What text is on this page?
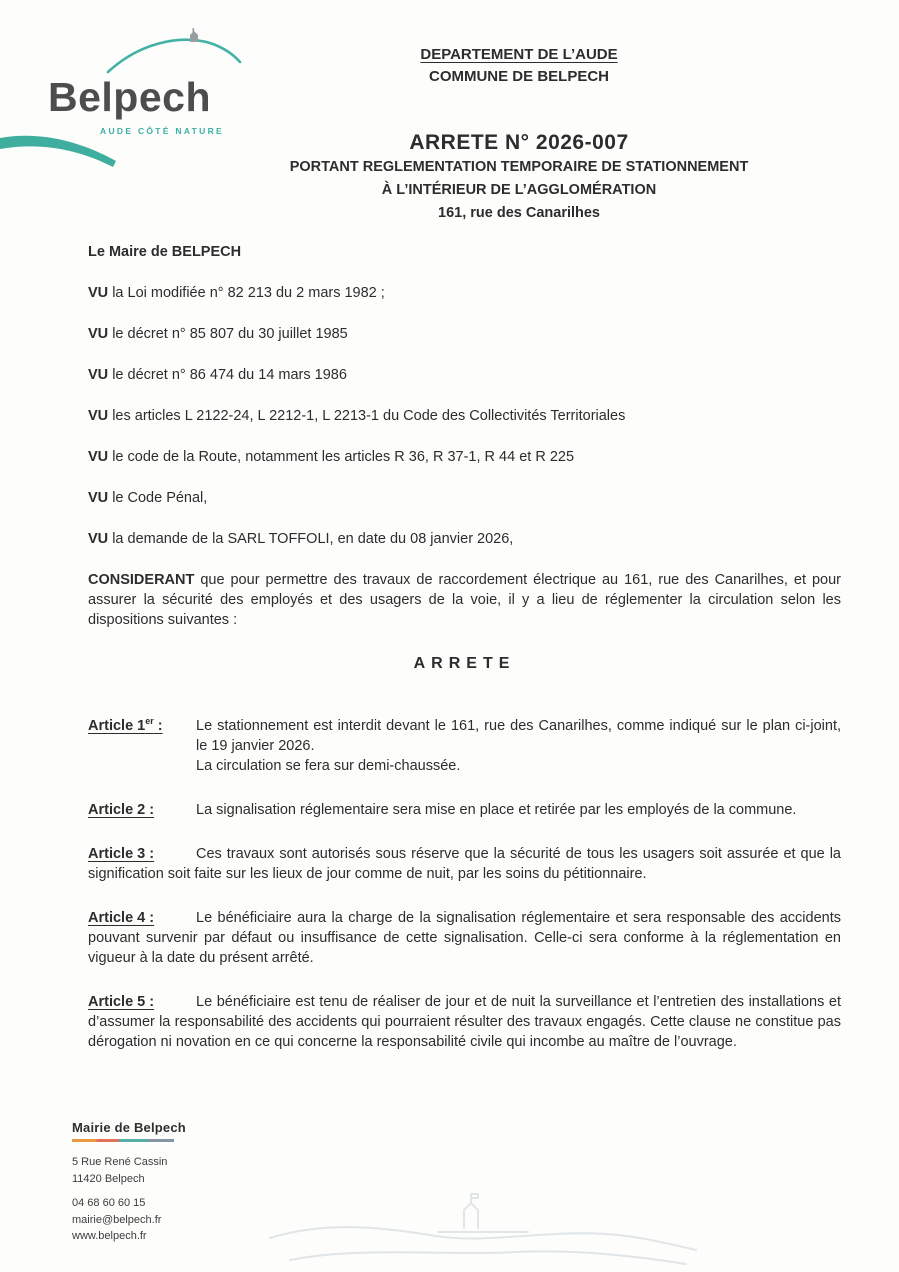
Belpech
AUDE CÔTÉ NATURE
DEPARTEMENT DE L’AUDE
COMMUNE DE BELPECH
ARRETE N° 2026-007
PORTANT REGLEMENTATION TEMPORAIRE DE STATIONNEMENT
À L’INTÉRIEUR DE L’AGGLOMÉRATION
161, rue des Canarilhes

Le Maire de BELPECH

VU la Loi modifiée n° 82 213 du 2 mars 1982 ;

VU le décret n° 85 807 du 30 juillet 1985

VU le décret n° 86 474 du 14 mars 1986

VU les articles L 2122-24, L 2212-1, L 2213-1 du Code des Collectivités Territoriales

VU le code de la Route, notamment les articles R 36, R 37-1, R 44 et R 225

VU le Code Pénal,

VU la demande de la SARL TOFFOLI, en date du 08 janvier 2026,

CONSIDERANT que pour permettre des travaux de raccordement électrique au 161, rue des Canarilhes, et pour assurer la sécurité des employés et des usagers de la voie, il y a lieu de réglementer la circulation selon les dispositions suivantes :

ARRETE
Article 1er :	Le stationnement est interdit devant le 161, rue des Canarilhes, comme indiqué sur le plan ci-joint, le 19 janvier 2026.

La circulation se fera sur demi-chaussée.

Article 2 :	La signalisation réglementaire sera mise en place et retirée par les employés de la commune.

Article 3 :	Ces travaux sont autorisés sous réserve que la sécurité de tous les usagers soit assurée et que la signification soit faite sur les lieux de jour comme de nuit, par les soins du pétitionnaire.
Article 4 :	Le bénéficiaire aura la charge de la signalisation réglementaire et sera responsable des accidents pouvant survenir par défaut ou insuffisance de cette signalisation. Celle-ci sera conforme à la réglementation en vigueur à la date du présent arrêté.
Article 5 :	Le bénéficiaire est tenu de réaliser de jour et de nuit la surveillance et l’entretien des installations et d’assumer la responsabilité des accidents qui pourraient résulter des travaux engagés. Cette clause ne constitue pas dérogation ni novation en ce qui concerne la responsabilité civile qui incombe au maître de l’ouvrage.
Mairie de Belpech
5 Rue René Cassin
11420 Belpech
04 68 60 60 15
mairie@belpech.fr
www.belpech.fr
